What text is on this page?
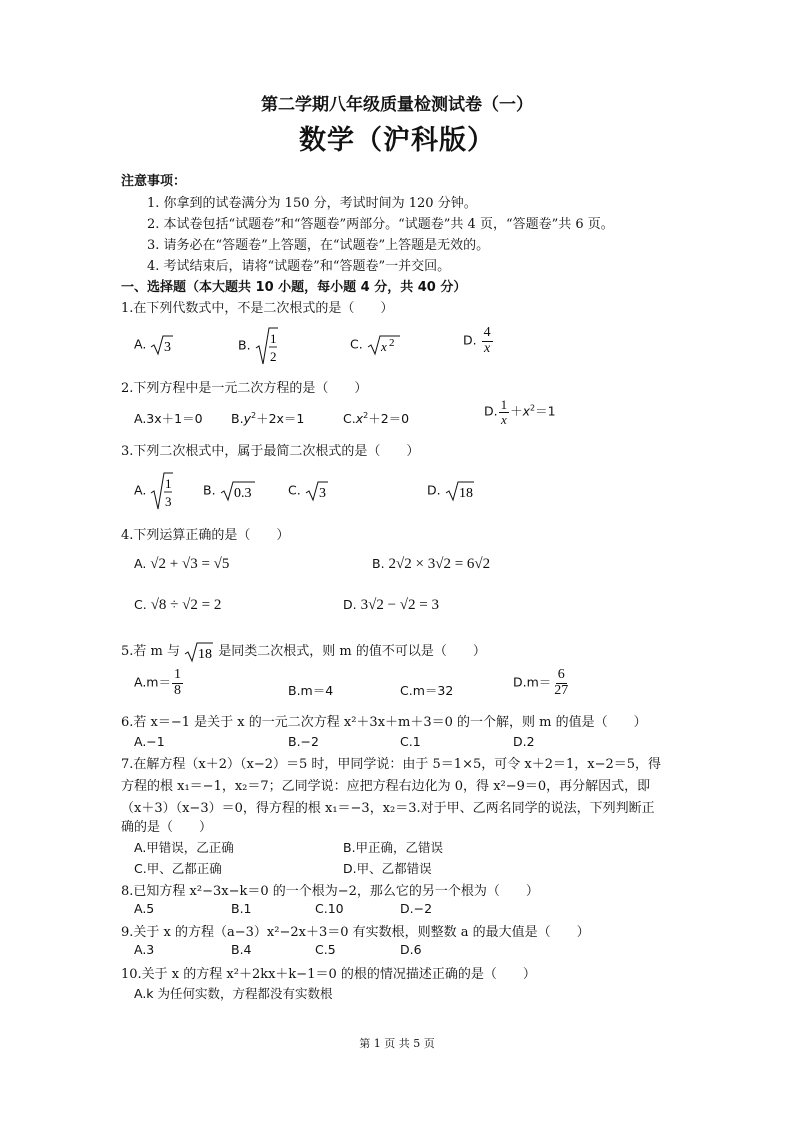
第二学期八年级质量检测试卷（一）
数学（沪科版）
注意事项：
1. 你拿到的试卷满分为 150 分，考试时间为 120 分钟。
2. 本试卷包括“试题卷”和“答题卷”两部分。“试题卷”共 4 页，“答题卷”共 6 页。
3. 请务必在“答题卷”上答题，在“试题卷”上答题是无效的。
4. 考试结束后，请将“试题卷”和“答题卷”一并交回。
一、选择题（本大题共 10 小题，每小题 4 分，共 40 分）
1.在下列代数式中，不是二次根式的是（　　）
A. 3	B. 1
2
C. x 2	D. $\frac{4}{x}$
2.下列方程中是一元二次方程的是（　　）
A.3x＋1＝0 $B.y^2+2x=1$	$C.x^2+2=0$	D. $\frac{1}{x} +x^2=1$
3.下列二次根式中，属于最简二次根式的是（　　）
A. 1
3
B. 0.3	C. 3	D. 18
4.下列运算正确的是（　　）
A. √2 + √3 = √5	B. 2√2 × 3√2 = 6√2
C. √8 ÷ √2 = 2	D. 3√2 − √2 = 3
5.若 m 与 18 是同类二次根式，则 m 的值不可以是（　　）
$A.m= \frac{1}{8}$	B.m＝4	C.m＝32
$D.m= \frac{6}{27}$
6.若 x＝−1 是关于 x 的一元二次方程 x²＋3x＋m＋3＝0 的一个解，则 m 的值是（　　）
A.−1	B.−2	C.1	D.2
7.在解方程（x＋2）（x−2）＝5 时，甲同学说：由于 5＝1×5，可令 x＋2＝1，x−2＝5，得
方程的根 x₁＝−1，x₂＝7；乙同学说：应把方程右边化为 0，得 x²−9＝0，再分解因式，即
（x＋3）（x−3）＝0，得方程的根 x₁＝−3，x₂＝3.对于甲、乙两名同学的说法，下列判断正
确的是（　　）
A.甲错误，乙正确	B.甲正确，乙错误
C.甲、乙都正确	D.甲、乙都错误
8.已知方程 x²−3x−k＝0 的一个根为−2，那么它的另一个根为（　　）
A.5	B.1	C.10	D.−2
9.关于 x 的方程（a−3）x²−2x＋3＝0 有实数根，则整数 a 的最大值是（　　）
A.3	B.4	C.5	D.6
10.关于 x 的方程 x²＋2kx＋k−1＝0 的根的情况描述正确的是（　　）
A.k 为任何实数，方程都没有实数根
第 1 页 共 5 页
